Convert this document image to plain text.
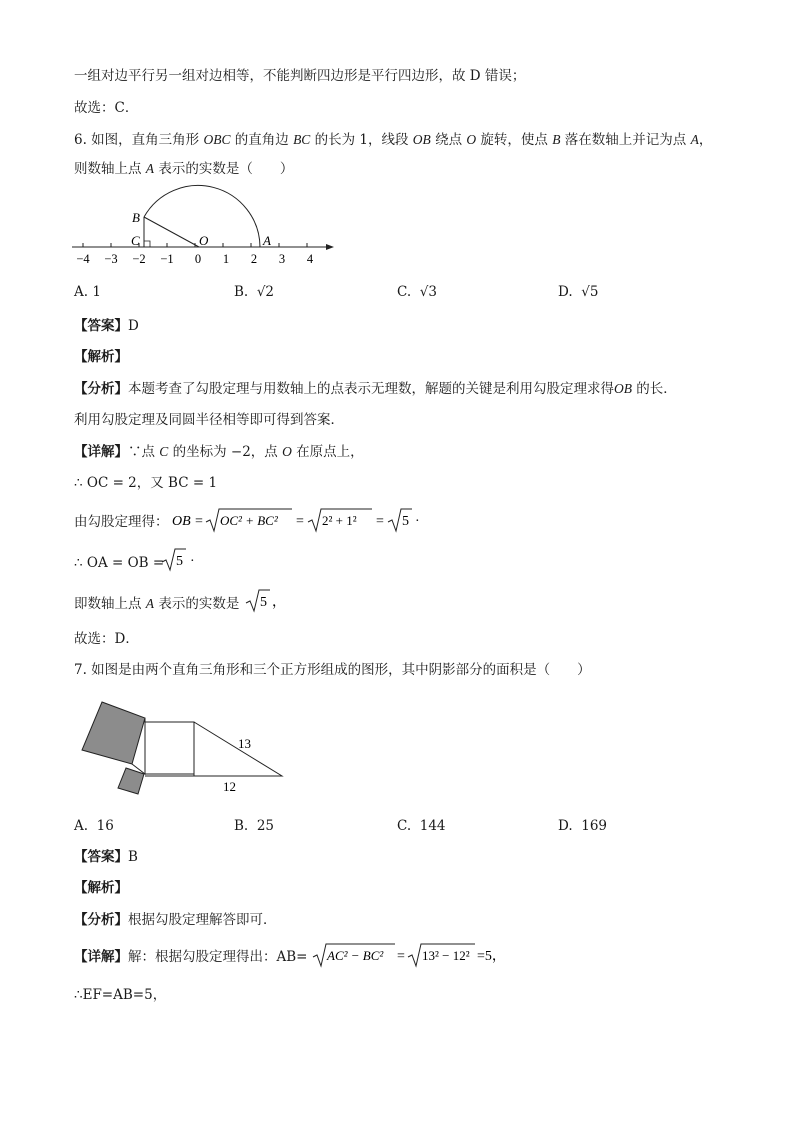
一组对边平行另一组对边相等，不能判断四边形是平行四边形，故 D 错误；
故选：C．
6. 如图，直角三角形 OBC 的直角边 BC 的长为 1，线段 OB 绕点 O 旋转，使点 B 落在数轴上并记为点 A，
则数轴上点 A 表示的实数是（　　）
B
C	O	A
−4 −3 −2 −1 0 1 2 3 4
A. 1	B. √2	C. √3	D. √5
【答案】D
【解析】
【分析】本题考查了勾股定理与用数轴上的点表示无理数，解题的关键是利用勾股定理求得OB 的长．
利用勾股定理及同圆半径相等即可得到答案．
【详解】∵点 C 的坐标为 −2，点 O 在原点上，
∴ OC = 2，又 BC = 1
由勾股定理得： OB = OC² + BC² = 2² + 1² = 5 ·
∴ OA = OB = 5 ·
即数轴上点 A 表示的实数是 5 ，
故选：D．
7. 如图是由两个直角三角形和三个正方形组成的图形，其中阴影部分的面积是（　　）
13
12
A. 16	B. 25	C. 144	D. 169
【答案】B
【解析】
【分析】根据勾股定理解答即可．
【详解】解：根据勾股定理得出：AB= AC² − BC² = 13² − 12² =5，
∴EF=AB=5，
